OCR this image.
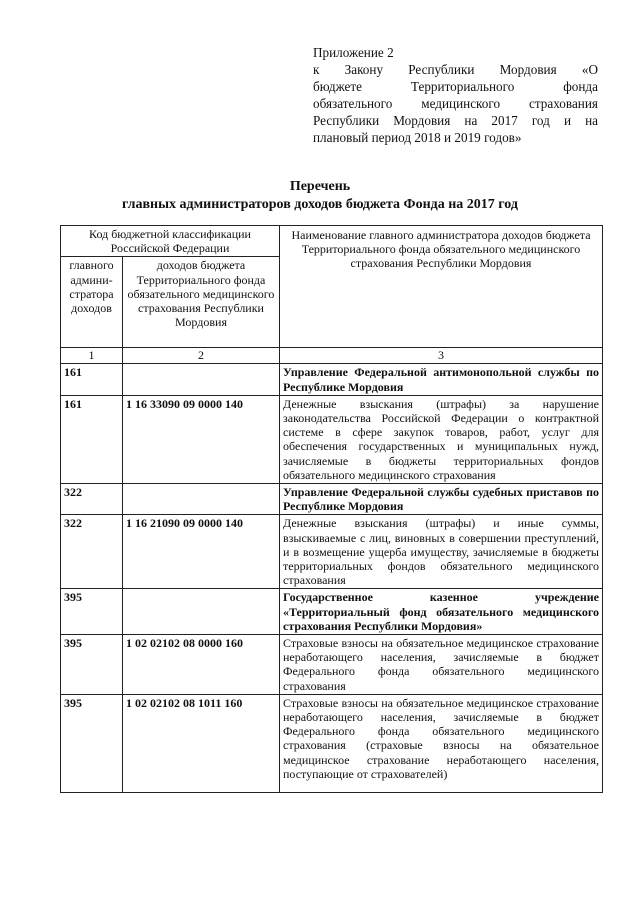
Приложение 2
к Закону Республики Мордовия «О
бюджете Территориального фонда
обязательного медицинского страхования
Республики Мордовия на 2017 год и на
плановый период 2018 и 2019 годов»
Перечень
главных администраторов доходов бюджета Фонда на 2017 год
Код бюджетной классификации Российской Федерации		Наименование главного администратора доходов бюджета Территориального фонда обязательного медицинского страхования Республики Мордовия
главного админи-стратора доходов	доходов бюджета Территориального фонда обязательного медицинского страхования Республики Мордовия	
1	2	3
161		Управление Федеральной антимонопольной службы по Республике Мордовия
161	1 16 33090 09 0000 140	Денежные взыскания (штрафы) за нарушение законодательства Российской Федерации о контрактной системе в сфере закупок товаров, работ, услуг для обеспечения государственных и муниципальных нужд, зачисляемые в бюджеты территориальных фондов обязательного медицинского страхования
322		Управление Федеральной службы судебных приставов по Республике Мордовия
322	1 16 21090 09 0000 140	Денежные взыскания (штрафы) и иные суммы, взыскиваемые с лиц, виновных в совершении преступлений, и в возмещение ущерба имуществу, зачисляемые в бюджеты территориальных фондов обязательного медицинского страхования
395		Государственное казенное учреждение «Территориальный фонд обязательного медицинского страхования Республики Мордовия»
395	1 02 02102 08 0000 160	Страховые взносы на обязательное медицинское страхование неработающего населения, зачисляемые в бюджет Федерального фонда обязательного медицинского страхования
395	1 02 02102 08 1011 160	Страховые взносы на обязательное медицинское страхование неработающего населения, зачисляемые в бюджет Федерального фонда обязательного медицинского страхования (страховые взносы на обязательное медицинское страхование неработающего населения, поступающие от страхователей)
